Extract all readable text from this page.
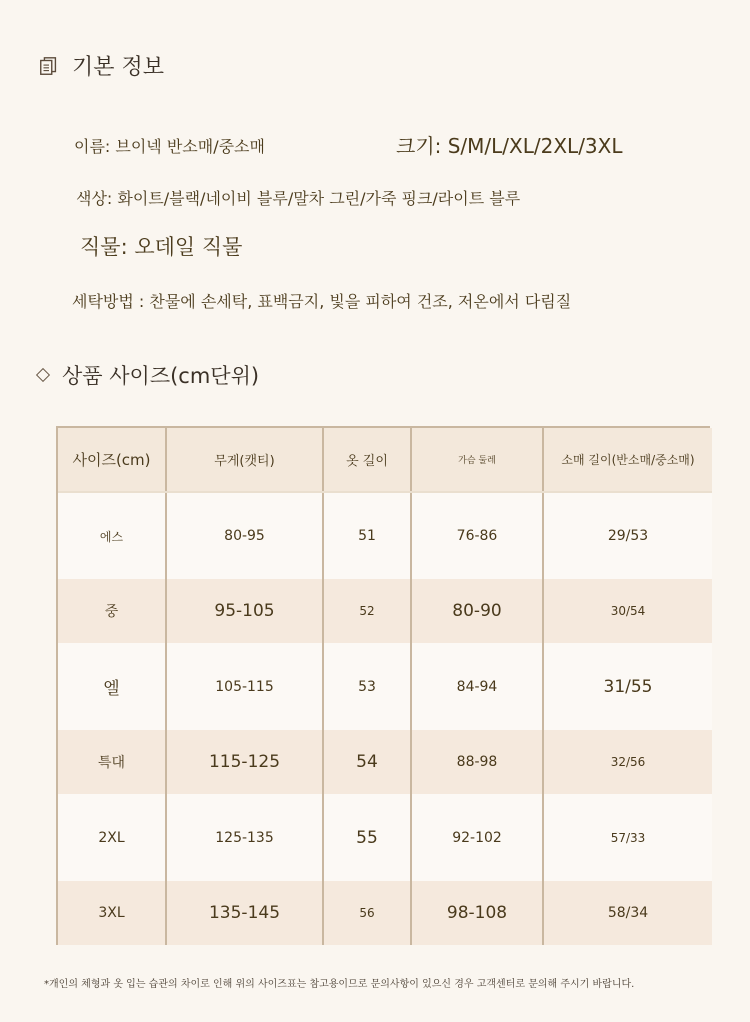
기본 정보
이름: 브이넥 반소매/중소매	크기: S/M/L/XL/2XL/3XL
색상: 화이트/블랙/네이비 블루/말차 그린/가죽 핑크/라이트 블루
직물: 오데일 직물
세탁방법 : 찬물에 손세탁, 표백금지, 빛을 피하여 건조, 저온에서 다림질
상품 사이즈(cm단위)
사이즈(cm)	무게(캣티)	옷 길이	가슴 둘레	소매 길이(반소매/중소매)
에스	80-95	51	76-86	29/53
중	95-105	52	80-90	30/54
엘	105-115	53	84-94	31/55
특대	115-125	54	88-98	32/56
2XL	125-135	55	92-102	57/33
3XL	135-145	56	98-108	58/34
*개인의 체형과 옷 입는 습관의 차이로 인해 위의 사이즈표는 참고용이므로 문의사항이 있으신 경우 고객센터로 문의해 주시기 바랍니다.
